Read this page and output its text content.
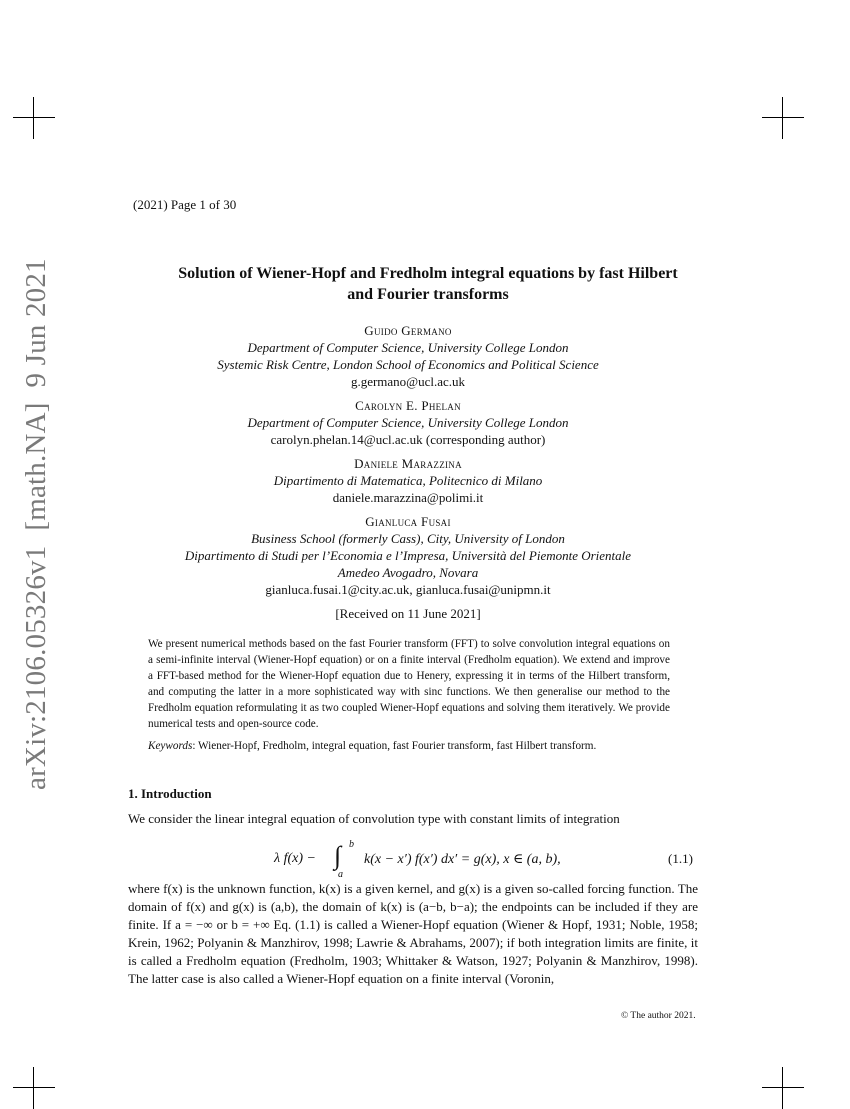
arXiv:2106.05326v1  [math.NA]  9 Jun 2021
(2021) Page 1 of 30
Solution of Wiener-Hopf and Fredholm integral equations by fast Hilbert
and Fourier transforms
Guido Germano
Department of Computer Science, University College London
Systemic Risk Centre, London School of Economics and Political Science
g.germano@ucl.ac.uk
Carolyn E. Phelan
Department of Computer Science, University College London
carolyn.phelan.14@ucl.ac.uk (corresponding author)
Daniele Marazzina
Dipartimento di Matematica, Politecnico di Milano
daniele.marazzina@polimi.it
Gianluca Fusai
Business School (formerly Cass), City, University of London
Dipartimento di Studi per l’Economia e l’Impresa, Università del Piemonte Orientale
Amedeo Avogadro, Novara
gianluca.fusai.1@city.ac.uk, gianluca.fusai@unipmn.it
[Received on 11 June 2021]
We present numerical methods based on the fast Fourier transform (FFT) to solve convolution integral equations on a semi-infinite interval (Wiener-Hopf equation) or on a finite interval (Fredholm equation). We extend and improve a FFT-based method for the Wiener-Hopf equation due to Henery, expressing it in terms of the Hilbert transform, and computing the latter in a more sophisticated way with sinc functions. We then generalise our method to the Fredholm equation reformulating it as two coupled Wiener-Hopf equations and solving them iteratively. We provide numerical tests and open-source code.
Keywords: Wiener-Hopf, Fredholm, integral equation, fast Fourier transform, fast Hilbert transform.
1. Introduction
We consider the linear integral equation of convolution type with constant limits of integration
λ f(x) − ∫ b
a
k(x − x′) f(x′) dx′ = g(x), x ∈ (a, b),	(1.1)
where f(x) is the unknown function, k(x) is a given kernel, and g(x) is a given so-called forcing function. The domain of f(x) and g(x) is (a,b), the domain of k(x) is (a−b, b−a); the endpoints can be included if they are finite. If a = −∞ or b = +∞ Eq. (1.1) is called a Wiener-Hopf equation (Wiener & Hopf, 1931; Noble, 1958; Krein, 1962; Polyanin & Manzhirov, 1998; Lawrie & Abrahams, 2007); if both integration limits are finite, it is called a Fredholm equation (Fredholm, 1903; Whittaker & Watson, 1927; Polyanin & Manzhirov, 1998). The latter case is also called a Wiener-Hopf equation on a finite interval (Voronin,
© The author 2021.
